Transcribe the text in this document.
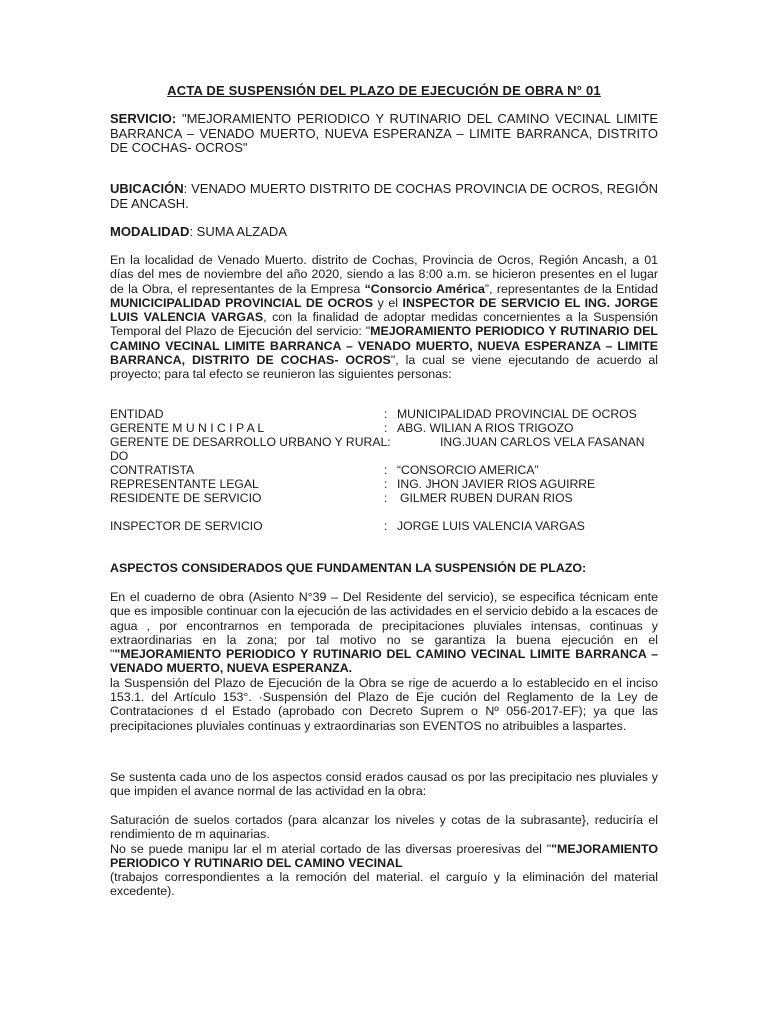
ACTA DE SUSPENSIÓN DEL PLAZO DE EJECUCIÓN DE OBRA N° 01
SERVICIO: "MEJORAMIENTO PERIODICO Y RUTINARIO DEL CAMINO VECINAL LIMITE BARRANCA – VENADO MUERTO, NUEVA ESPERANZA – LIMITE BARRANCA, DISTRITO DE COCHAS- OCROS"
UBICACIÓN: VENADO MUERTO DISTRITO DE COCHAS PROVINCIA DE OCROS, REGIÓN DE ANCASH.
MODALIDAD: SUMA ALZADA
En la localidad de Venado Muerto. distrito de Cochas, Provincia de Ocros, Región Ancash, a 01 días del mes de noviembre del año 2020, siendo a las 8:00 a.m. se hicieron presentes en el lugar de la Obra, el representantes de la Empresa “Consorcio América”, representantes de la Entidad MUNICICIPALIDAD PROVINCIAL DE OCROS y el INSPECTOR DE SERVICIO EL ING. JORGE LUIS VALENCIA VARGAS, con la finalidad de adoptar medidas concernientes a la Suspensión Temporal del Plazo de Ejecución del servicio: "MEJORAMIENTO PERIODICO Y RUTINARIO DEL CAMINO VECINAL LIMITE BARRANCA – VENADO MUERTO, NUEVA ESPERANZA – LIMITE BARRANCA, DISTRITO DE COCHAS- OCROS", la cual se viene ejecutando de acuerdo al proyecto; para tal efecto se reunieron las siguientes personas:
ENTIDAD	: MUNICIPALIDAD PROVINCIAL DE OCROS
GERENTE M U N I C I P A L	: ABG. WILIAN A RIOS TRIGOZO
GERENTE DE DESARROLLO URBANO Y RURAL:	ING.JUAN CARLOS VELA FASANAN
DO
CONTRATISTA	: “CONSORCIO AMERICA”
REPRESENTANTE LEGAL	: ING. JHON JAVIER RIOS AGUIRRE
RESIDENTE DE SERVICIO	: GILMER RUBEN DURAN RIOS
INSPECTOR DE SERVICIO	: JORGE LUIS VALENCIA VARGAS
ASPECTOS CONSIDERADOS QUE FUNDAMENTAN LA SUSPENSIÓN DE PLAZO:
En el cuaderno de obra (Asiento N°39 – Del Residente del servicio), se especifica técnicam ente que es imposible continuar con la ejecución de las actividades en el servicio debido a la escaces de agua , por encontrarnos en temporada de precipitaciones pluviales intensas, continuas y extraordinarias en la zona; por tal motivo no se garantiza la buena ejecución en el ""MEJORAMIENTO PERIODICO Y RUTINARIO DEL CAMINO VECINAL LIMITE BARRANCA – VENADO MUERTO, NUEVA ESPERANZA.
la Suspensión del Plazo de Ejecución de la Obra se rige de acuerdo a lo establecido en el inciso 153.1. del Artículo 153°. ·Suspensión del Plazo de Eje cución del Reglamento de la Ley de Contrataciones d el Estado (aprobado con Decreto Suprem o Nº 056-2017-EF); ya que las precipitaciones pluviales continuas y extraordinarias son EVENTOS no atribuibles a laspartes.
Se sustenta cada uno de los aspectos consid erados causad os por las precipitacio nes pluviales y que impiden el avance normal de las actividad en la obra:
Saturación de suelos cortados (para alcanzar los niveles y cotas de la subrasante}, reduciría el rendimiento de m aquinarias.
No se puede manipu lar el m aterial cortado de las diversas proeresivas del ""MEJORAMIENTO PERIODICO Y RUTINARIO DEL CAMINO VECINAL
(trabajos correspondientes a la remoción del material. el carguío y la eliminación del material excedente).
